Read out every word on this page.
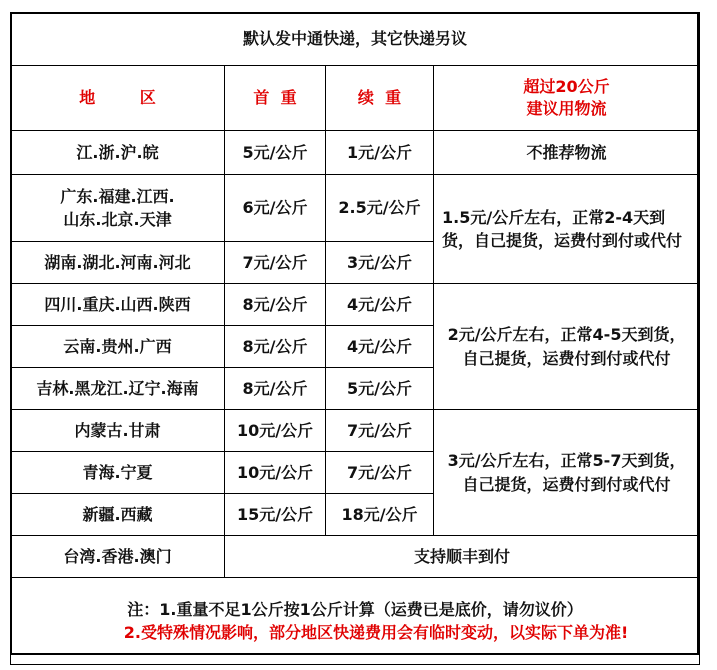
默认发中通快递，其它快递另议			
地        区	首  重	续  重	超过20公斤
建议用物流

江.浙.沪.皖	5元/公斤	1元/公斤	不推荐物流

广东.福建.江西.
山东.北京.天津	6元/公斤	2.5元/公斤	1.5元/公斤左右，正常2-4天到货，自己提货，运费付到付或代付
湖南.湖北.河南.河北	7元/公斤	3元/公斤	
四川.重庆.山西.陕西	8元/公斤	4元/公斤	2元/公斤左右，正常4-5天到货，
自己提货，运费付到付或代付

云南.贵州.广西	8元/公斤	4元/公斤	
吉林.黑龙江.辽宁.海南	8元/公斤	5元/公斤	
内蒙古.甘肃	10元/公斤	7元/公斤	3元/公斤左右，正常5-7天到货，
自己提货，运费付到付或代付

青海.宁夏	10元/公斤	7元/公斤	
新疆.西藏	15元/公斤	18元/公斤	
台湾.香港.澳门	支持顺丰到付		

注：1.重量不足1公斤按1公斤计算（运费已是底价，请勿议价）
2.受特殊情况影响，部分地区快递费用会有临时变动，以实际下单为准!			
